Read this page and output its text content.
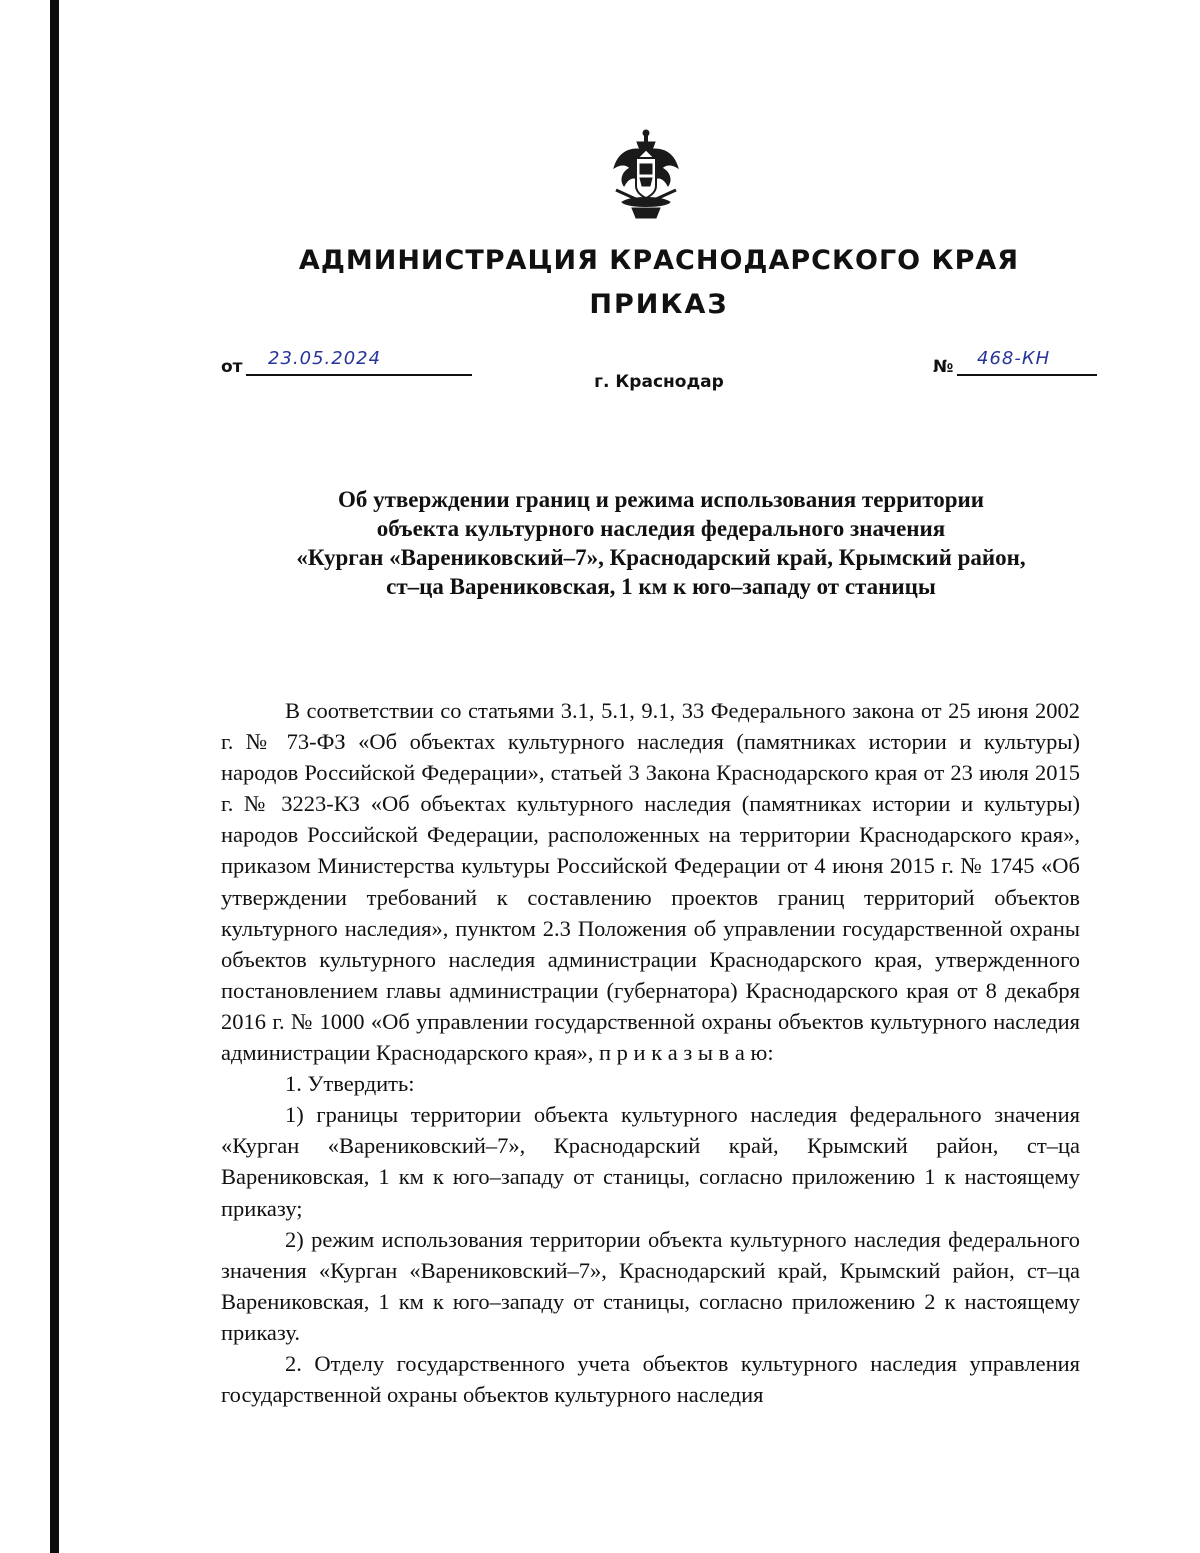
АДМИНИСТРАЦИЯ КРАСНОДАРСКОГО КРАЯ
ПРИКАЗ
от 23.05.2024	№ 468-КН
г. Краснодар
Об утверждении границ и режима использования территории
объекта культурного наследия федерального значения
«Курган «Варениковский–7», Краснодарский край, Крымский район,
ст–ца Варениковская, 1 км к юго–западу от станицы

В соответствии со статьями 3.1, 5.1, 9.1, 33 Федерального закона от 25 июня 2002 г. № 73-ФЗ «Об объектах культурного наследия (памятниках истории и культуры) народов Российской Федерации», статьей 3 Закона Краснодарского края от 23 июля 2015 г. № 3223-КЗ «Об объектах культурного наследия (памятниках истории и культуры) народов Российской Федерации, расположенных на территории Краснодарского края», приказом Министерства культуры Российской Федерации от 4 июня 2015 г. № 1745 «Об утверждении требований к составлению проектов границ территорий объектов культурного наследия», пунктом 2.3 Положения об управлении государственной охраны объектов культурного наследия администрации Краснодарского края, утвержденного постановлением главы администрации (губернатора) Краснодарского края от 8 декабря 2016 г. № 1000 «Об управлении государственной охраны объектов культурного наследия администрации Краснодарского края», п р и к а з ы в а ю:

1. Утвердить:

1) границы территории объекта культурного наследия федерального значения «Курган «Варениковский–7», Краснодарский край, Крымский район, ст–ца Варениковская, 1 км к юго–западу от станицы, согласно приложению 1 к настоящему приказу;

2) режим использования территории объекта культурного наследия федерального значения «Курган «Варениковский–7», Краснодарский край, Крымский район, ст–ца Варениковская, 1 км к юго–западу от станицы, согласно приложению 2 к настоящему приказу.

2. Отделу государственного учета объектов культурного наследия управления государственной охраны объектов культурного наследия
